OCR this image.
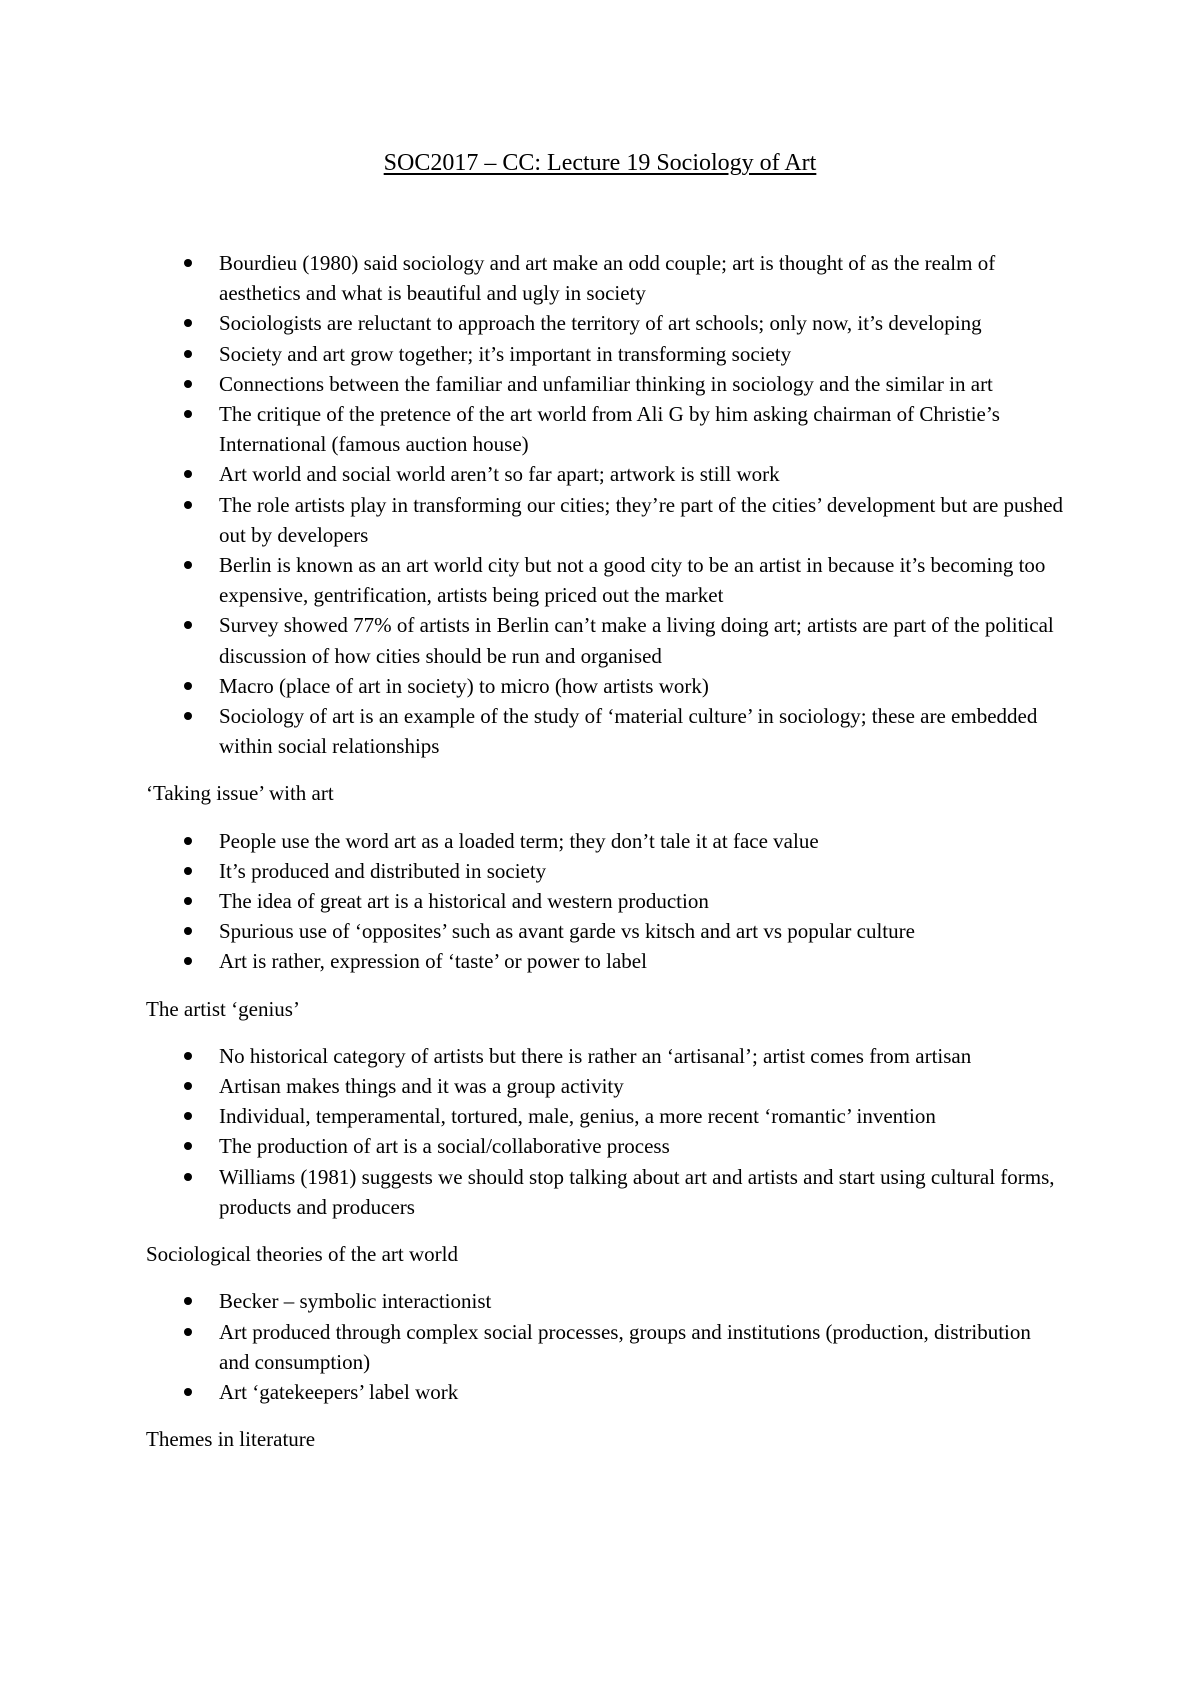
SOC2017 – CC: Lecture 19 Sociology of Art
Bourdieu (1980) said sociology and art make an odd couple; art is thought of as the realm of aesthetics and what is beautiful and ugly in society
Sociologists are reluctant to approach the territory of art schools; only now, it’s developing
Society and art grow together; it’s important in transforming society
Connections between the familiar and unfamiliar thinking in sociology and the similar in art
The critique of the pretence of the art world from Ali G by him asking chairman of Christie’s International (famous auction house)
Art world and social world aren’t so far apart; artwork is still work
The role artists play in transforming our cities; they’re part of the cities’ development but are pushed out by developers
Berlin is known as an art world city but not a good city to be an artist in because it’s becoming too expensive, gentrification, artists being priced out the market
Survey showed 77% of artists in Berlin can’t make a living doing art; artists are part of the political discussion of how cities should be run and organised
Macro (place of art in society) to micro (how artists work)
Sociology of art is an example of the study of ‘material culture’ in sociology; these are embedded within social relationships
‘Taking issue’ with art
People use the word art as a loaded term; they don’t tale it at face value
It’s produced and distributed in society
The idea of great art is a historical and western production
Spurious use of ‘opposites’ such as avant garde vs kitsch and art vs popular culture
Art is rather, expression of ‘taste’ or power to label
The artist ‘genius’
No historical category of artists but there is rather an ‘artisanal’; artist comes from artisan
Artisan makes things and it was a group activity
Individual, temperamental, tortured, male, genius, a more recent ‘romantic’ invention
The production of art is a social/collaborative process
Williams (1981) suggests we should stop talking about art and artists and start using cultural forms, products and producers
Sociological theories of the art world
Becker – symbolic interactionist
Art produced through complex social processes, groups and institutions (production, distribution and consumption)
Art ‘gatekeepers’ label work
Themes in literature
